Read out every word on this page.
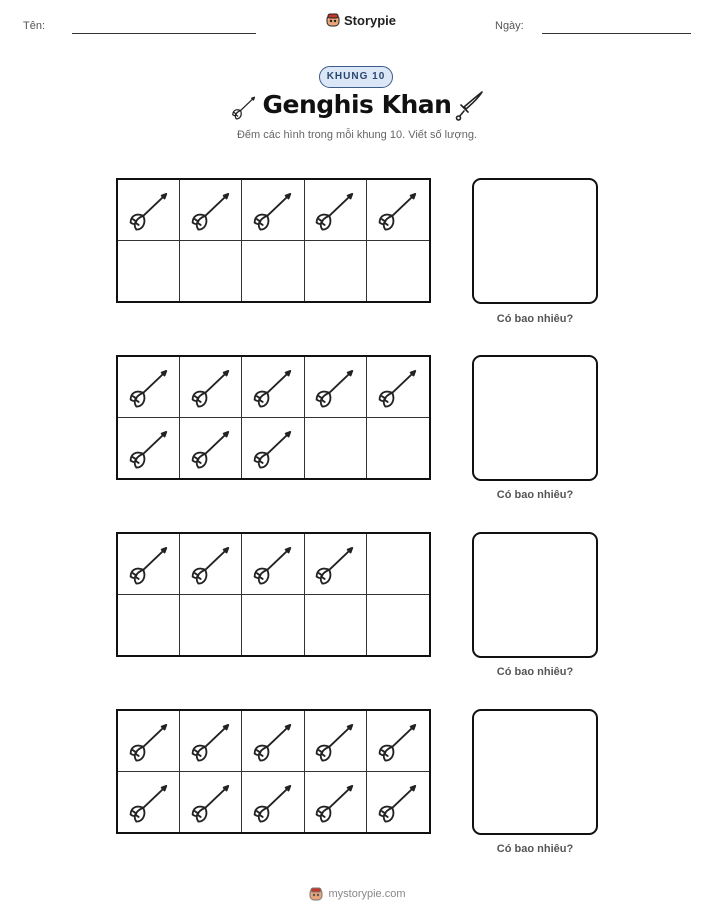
Tên:	Storypie	Ngày:
KHUNG 10
Genghis Khan
Đếm các hình trong mỗi khung 10. Viết số lượng.
Có bao nhiêu?
Có bao nhiêu?
Có bao nhiêu?
Có bao nhiêu?
mystorypie.com
